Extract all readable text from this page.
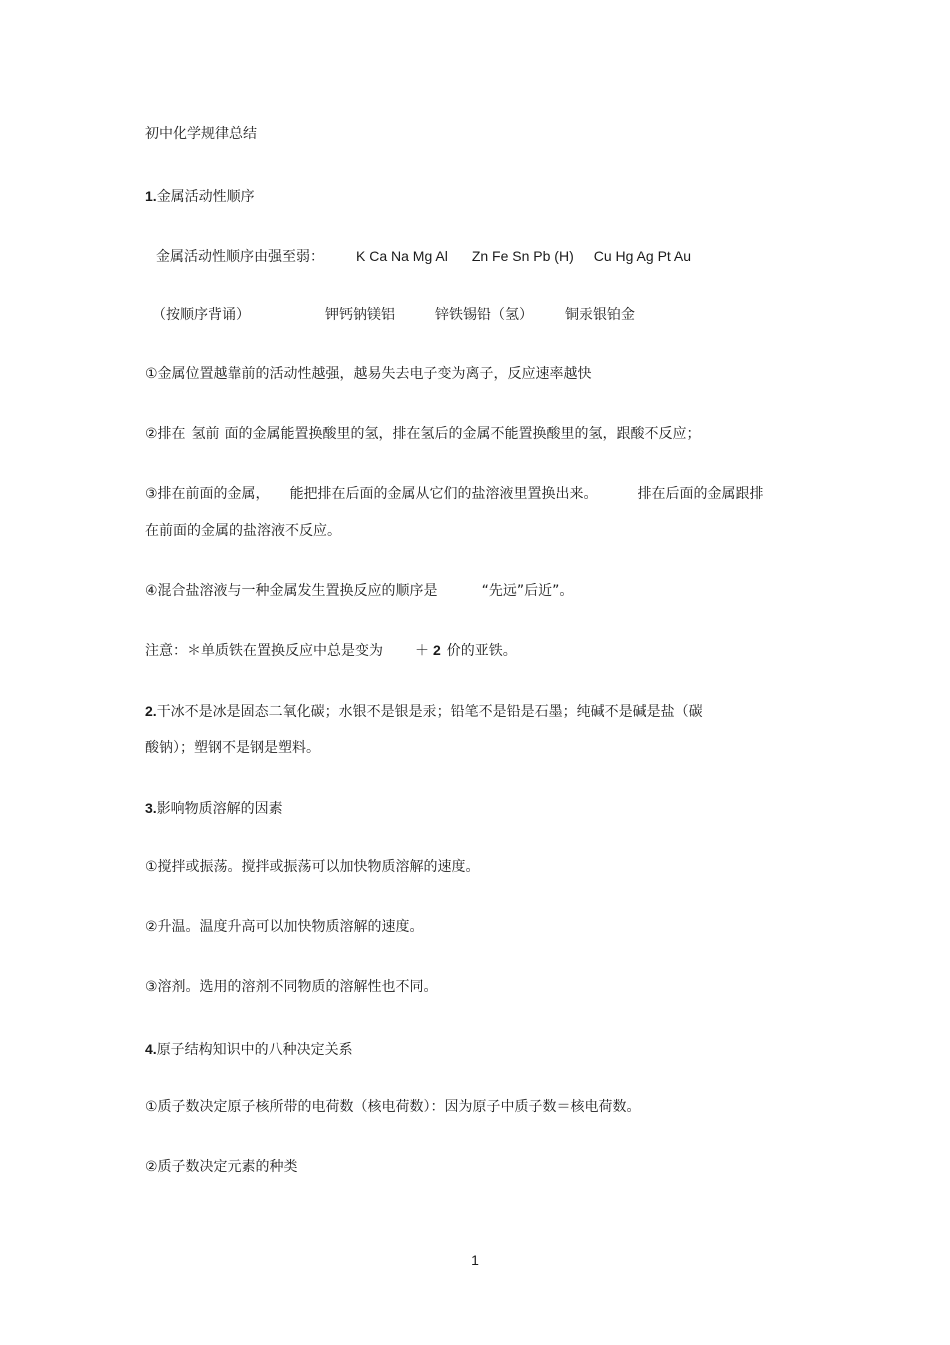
初中化学规律总结
1.金属活动性顺序
金属活动性顺序由强至弱： K Ca Na Mg Al Zn Fe Sn Pb (H) Cu Hg Ag Pt Au
（按顺序背诵）	钾钙钠镁铝	锌铁锡铅（氢） 铜汞银铂金
①金属位置越靠前的活动性越强，越易失去电子变为离子，反应速率越快
②排在 氢前 面的金属能置换酸里的氢，排在氢后的金属不能置换酸里的氢，跟酸不反应；
③排在前面的金属， 能把排在后面的金属从它们的盐溶液里置换出来。	排在后面的金属跟排
在前面的金属的盐溶液不反应。
④混合盐溶液与一种金属发生置换反应的顺序是	“先远”后近”。
注意：＊单质铁在置换反应中总是变为 ＋ 2 价的亚铁。
2.干冰不是冰是固态二氧化碳；水银不是银是汞；铅笔不是铅是石墨；纯碱不是碱是盐（碳
酸钠）；塑钢不是钢是塑料。
3.影响物质溶解的因素
①搅拌或振荡。搅拌或振荡可以加快物质溶解的速度。
②升温。温度升高可以加快物质溶解的速度。
③溶剂。选用的溶剂不同物质的溶解性也不同。
4.原子结构知识中的八种决定关系
①质子数决定原子核所带的电荷数（核电荷数）：因为原子中质子数＝核电荷数。
②质子数决定元素的种类
1
